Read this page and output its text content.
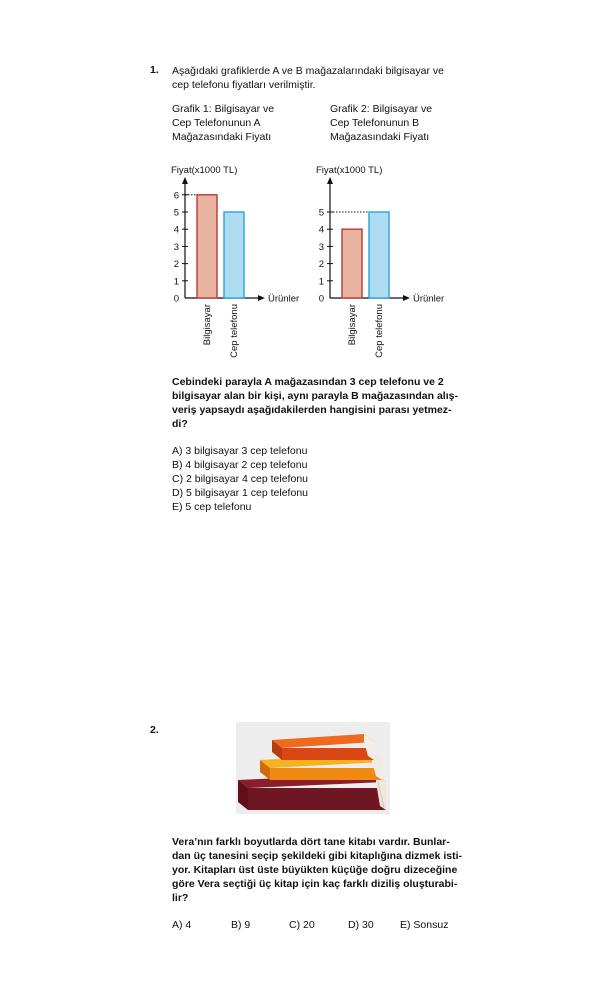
1. Aşağıdaki grafiklerde A ve B mağazalarındaki bilgisayar ve
cep telefonu fiyatları verilmiştir.
Grafik 1: Bilgisayar ve
Cep Telefonunun A
Mağazasındaki Fiyatı
Grafik 2: Bilgisayar ve
Cep Telefonunun B
Mağazasındaki Fiyatı
Fiyat(x1000 TL)
Ürünler
0
1
2
3
4
5
6
Bilgisayar Cep telefonu
Fiyat(x1000 TL)
Ürünler
0
1
2
3
4
5
Bilgisayar Cep telefonu
Cebindeki parayla A mağazasından 3 cep telefonu ve 2
bilgisayar alan bir kişi, aynı parayla B mağazasından alış-
veriş yapsaydı aşağıdakilerden hangisini parası yetmez-
di?
A) 3 bilgisayar 3 cep telefonu
B) 4 bilgisayar 2 cep telefonu
C) 2 bilgisayar 4 cep telefonu
D) 5 bilgisayar 1 cep telefonu
E) 5 cep telefonu
2.
Vera’nın farklı boyutlarda dört tane kitabı vardır. Bunlar-
dan üç tanesini seçip şekildeki gibi kitaplığına dizmek isti-
yor. Kitapları üst üste büyükten küçüğe doğru dizeceğine
göre Vera seçtiği üç kitap için kaç farklı diziliş oluşturabi-
lir?
A) 4	B) 9	C) 20	D) 30	E) Sonsuz
